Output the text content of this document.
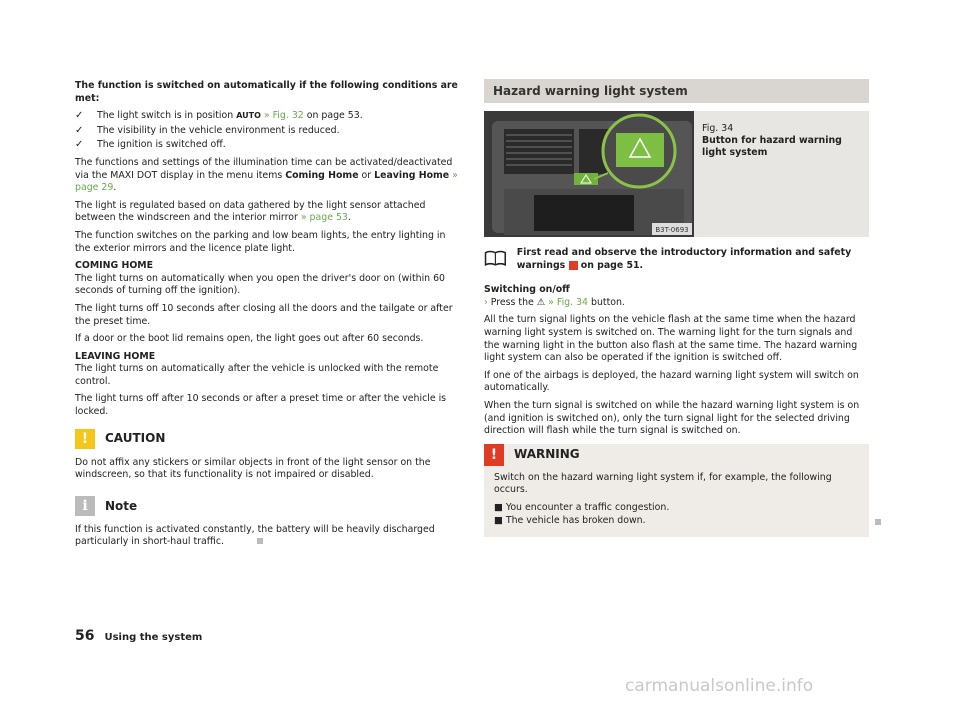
The function is switched on automatically if the following conditions are met:

✓	The light switch is in position AUTO » Fig. 32 on page 53.
✓	The visibility in the vehicle environment is reduced.
✓	The ignition is switched off.

The functions and settings of the illumination time can be activated/deactivated via the MAXI DOT display in the menu items Coming Home or Leaving Home » page 29.

The light is regulated based on data gathered by the light sensor attached between the windscreen and the interior mirror » page 53.

The function switches on the parking and low beam lights, the entry lighting in the exterior mirrors and the licence plate light.

COMING HOME

The light turns on automatically when you open the driver's door on (within 60 seconds of turning off the ignition).

The light turns off 10 seconds after closing all the doors and the tailgate or after the preset time.

If a door or the boot lid remains open, the light goes out after 60 seconds.

LEAVING HOME

The light turns on automatically after the vehicle is unlocked with the remote control.

The light turns off after 10 seconds or after a preset time or after the vehicle is locked.

!	CAUTION

Do not affix any stickers or similar objects in front of the light sensor on the windscreen, so that its functionality is not impaired or disabled.

i	Note

If this function is activated constantly, the battery will be heavily discharged particularly in short-haul traffic.

Hazard warning light system
B3T-0693
Fig. 34
Button for hazard warning light system
First read and observe the introductory information and safety warnings  on page 51.
Switching on/off

› Press the ⚠ » Fig. 34 button.

All the turn signal lights on the vehicle flash at the same time when the hazard warning light system is switched on. The warning light for the turn signals and the warning light in the button also flash at the same time. The hazard warning light system can also be operated if the ignition is switched off.

If one of the airbags is deployed, the hazard warning light system will switch on automatically.

When the turn signal is switched on while the hazard warning light system is on (and ignition is switched on), only the turn signal light for the selected driving direction will flash while the turn signal is switched on.

!	WARNING

Switch on the hazard warning light system if, for example, the following occurs.

■ You encounter a traffic congestion.
■ The vehicle has broken down.
56 Using the system
carmanualsonline.info
